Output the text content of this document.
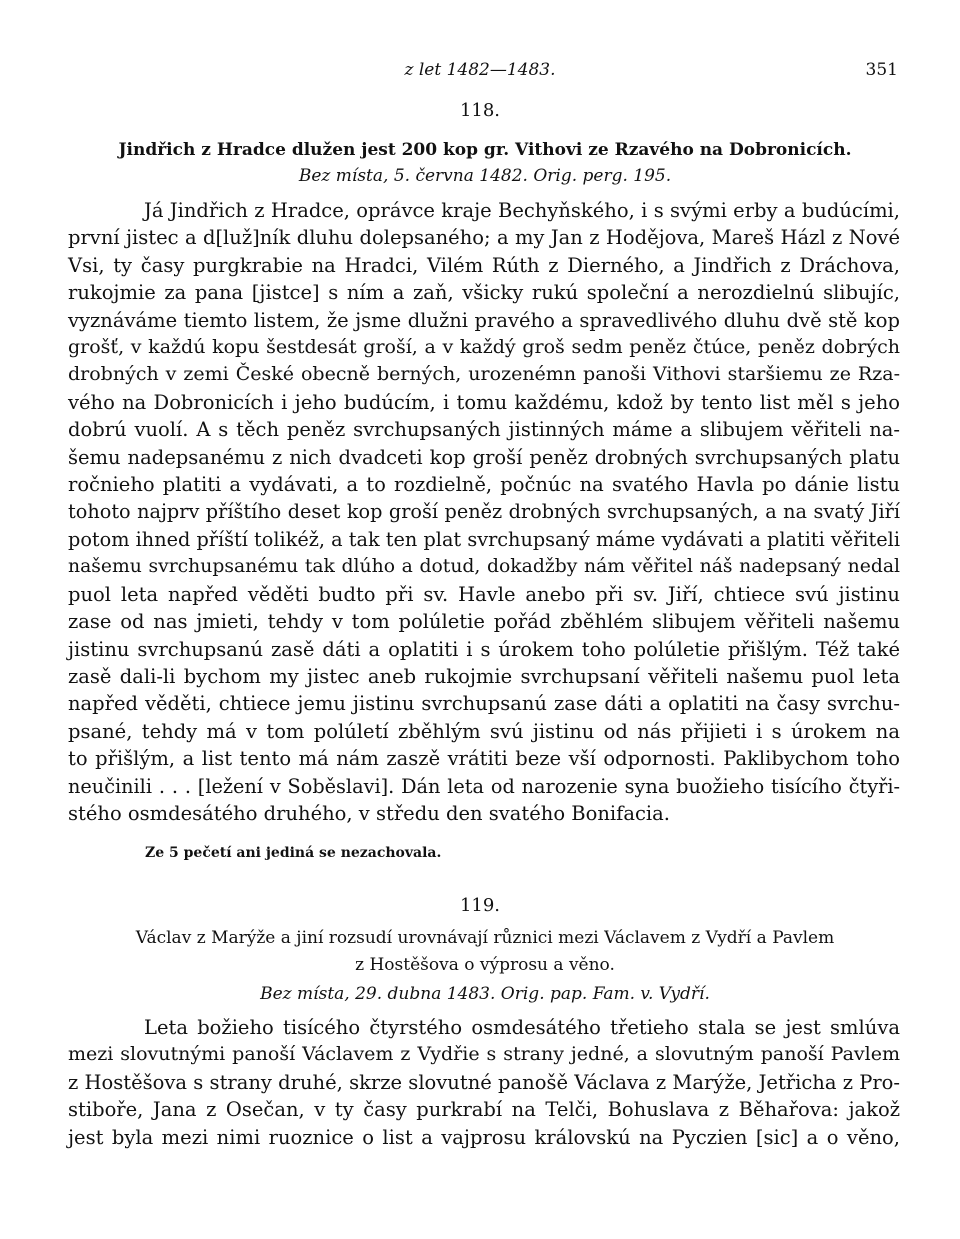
z let 1482—1483.	351
118.
Jindřich z Hradce dlužen jest 200 kop gr. Vithovi ze Rzavého na Dobronicích.
Bez místa, 5. června 1482. Orig. perg. 195.
Já Jindřich z Hradce, oprávce kraje Bechyňského, i s svými erby a budúcími,
první jistec a d[luž]ník dluhu dolepsaného; a my Jan z Hodějova, Mareš Házl z Nové
Vsi, ty časy purgkrabie na Hradci, Vilém Rúth z Dierného, a Jindřich z Dráchova,
rukojmie za pana [jistce] s ním a zaň, všicky rukú společní a nerozdielnú slibujíc,
vyznáváme tiemto listem, že jsme dlužni pravého a spravedlivého dluhu dvě stě kop
grošť, v každú kopu šestdesát groší, a v každý groš sedm peněz čtúce, peněz dobrých
drobných v zemi České obecně berných, urozenémn panoši Vithovi staršiemu ze Rza-
vého na Dobronicích i jeho budúcím, i tomu každému, kdož by tento list měl s jeho
dobrú vuolí. A s těch peněz svrchupsaných jistinných máme a slibujem věřiteli na-
šemu nadepsanému z nich dvadceti kop groší peněz drobných svrchupsaných platu
ročnieho platiti a vydávati, a to rozdielně, počnúc na svatého Havla po dánie listu
tohoto najprv příštího deset kop groší peněz drobných svrchupsaných, a na svatý Jiří
potom ihned příští tolikéž, a tak ten plat svrchupsaný máme vydávati a platiti věřiteli
našemu svrchupsanému tak dlúho a dotud, dokadžby nám věřitel náš nadepsaný nedal
puol leta napřed věděti budto při sv. Havle anebo při sv. Jiří, chtiece svú jistinu
zase od nas jmieti, tehdy v tom polúletie pořád zběhlém slibujem věřiteli našemu
jistinu svrchupsanú zasě dáti a oplatiti i s úrokem toho polúletie přišlým. Též také
zasě dali-li bychom my jistec aneb rukojmie svrchupsaní věřiteli našemu puol leta
napřed věděti, chtiece jemu jistinu svrchupsanú zase dáti a oplatiti na časy svrchu-
psané, tehdy má v tom polúletí zběhlým svú jistinu od nás přijieti i s úrokem na
to přišlým, a list tento má nám zaszě vrátiti beze vší odpornosti. Paklibychom toho
neučinili . . . [ležení v Soběslavi]. Dán leta od narozenie syna buožieho tisícího čtyři-
stého osmdesátého druhého, v středu den svatého Bonifacia.
Ze 5 pečetí ani jediná se nezachovala.
119.
Václav z Marýže a jiní rozsudí urovnávají různici mezi Václavem z Vydří a Pavlem
z Hostěšova o výprosu a věno.
Bez místa, 29. dubna 1483. Orig. pap. Fam. v. Vydří.
Leta božieho tisícého čtyrstého osmdesátého třetieho stala se jest smlúva
mezi slovutnými panoší Václavem z Vydřie s strany jedné, a slovutným panoší Pavlem
z Hostěšova s strany druhé, skrze slovutné panošě Václava z Marýže, Jetřicha z Pro-
stiboře, Jana z Osečan, v ty časy purkrabí na Telči, Bohuslava z Běhařova: jakož
jest byla mezi nimi ruoznice o list a vajprosu královskú na Pyczien [sic] a o věno,
